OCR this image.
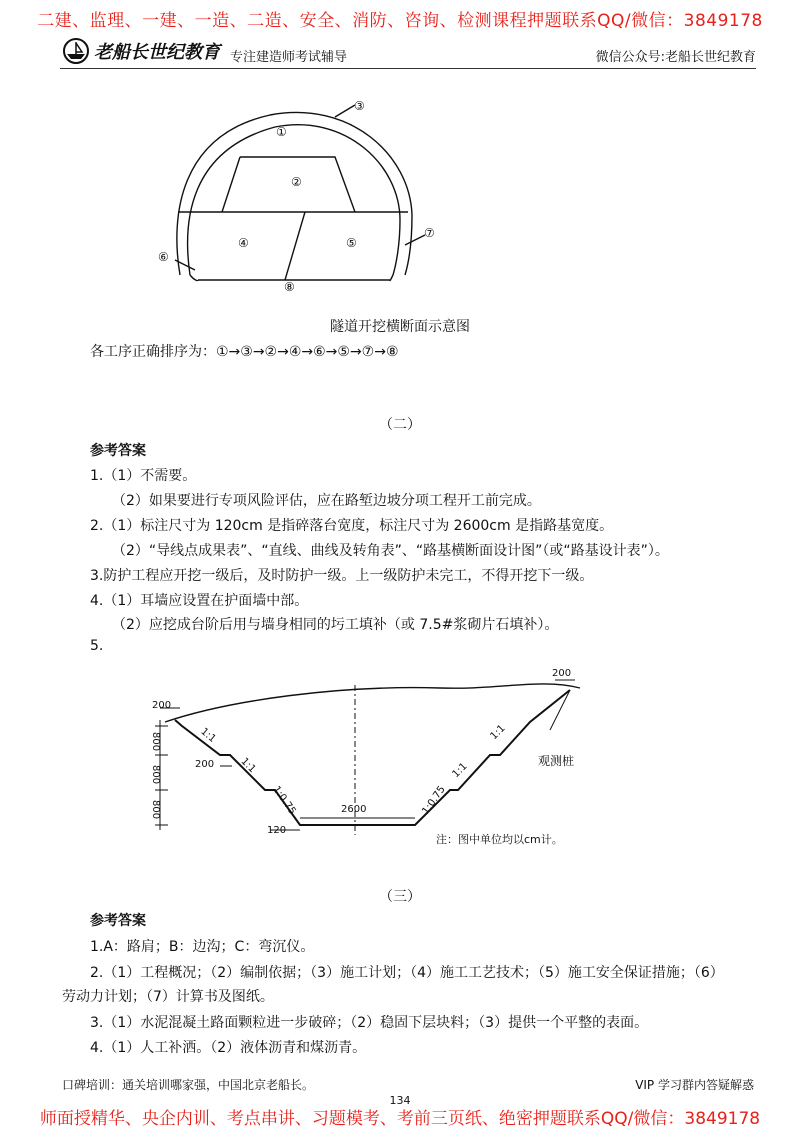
二建、监理、一建、一造、二造、安全、消防、咨询、检测课程押题联系QQ/微信：3849178
老船长世纪教育 专注建造师考试辅导	微信公众号:老船长世纪教育
①
②
③
④	⑤
⑥
⑦
⑧
隧道开挖横断面示意图
各工序正确排序为：①→③→②→④→⑥→⑤→⑦→⑧
（二）
参考答案
1.（1）不需要。
（2）如果要进行专项风险评估，应在路堑边坡分项工程开工前完成。
2.（1）标注尺寸为 120cm 是指碎落台宽度，标注尺寸为 2600cm 是指路基宽度。
（2）“导线点成果表”、“直线、曲线及转角表”、“路基横断面设计图”（或“路基设计表”）。
3.防护工程应开挖一级后，及时防护一级。上一级防护未完工，不得开挖下一级。
4.（1）耳墙应设置在护面墙中部。
（2）应挖成台阶后用与墙身相同的圬工填补（或 7.5#浆砌片石填补）。
5.
200
800
200
800
800	2600
120
200
1:1
1:1
1:0.75	1:0.75
1:1
1:1
观测桩
注：图中单位均以cm计。
（三）
参考答案
1.A：路肩；B：边沟；C：弯沉仪。
2.（1）工程概况；（2）编制依据；（3）施工计划；（4）施工工艺技术；（5）施工安全保证措施；（6）
劳动力计划；（7）计算书及图纸。
3.（1）水泥混凝土路面颗粒进一步破碎；（2）稳固下层块料；（3）提供一个平整的表面。
4.（1）人工补洒。（2）液体沥青和煤沥青。
口碑培训：通关培训哪家强，中国北京老船长。	VIP 学习群内答疑解惑
134
师面授精华、央企内训、考点串讲、习题模考、考前三页纸、绝密押题联系QQ/微信：3849178
